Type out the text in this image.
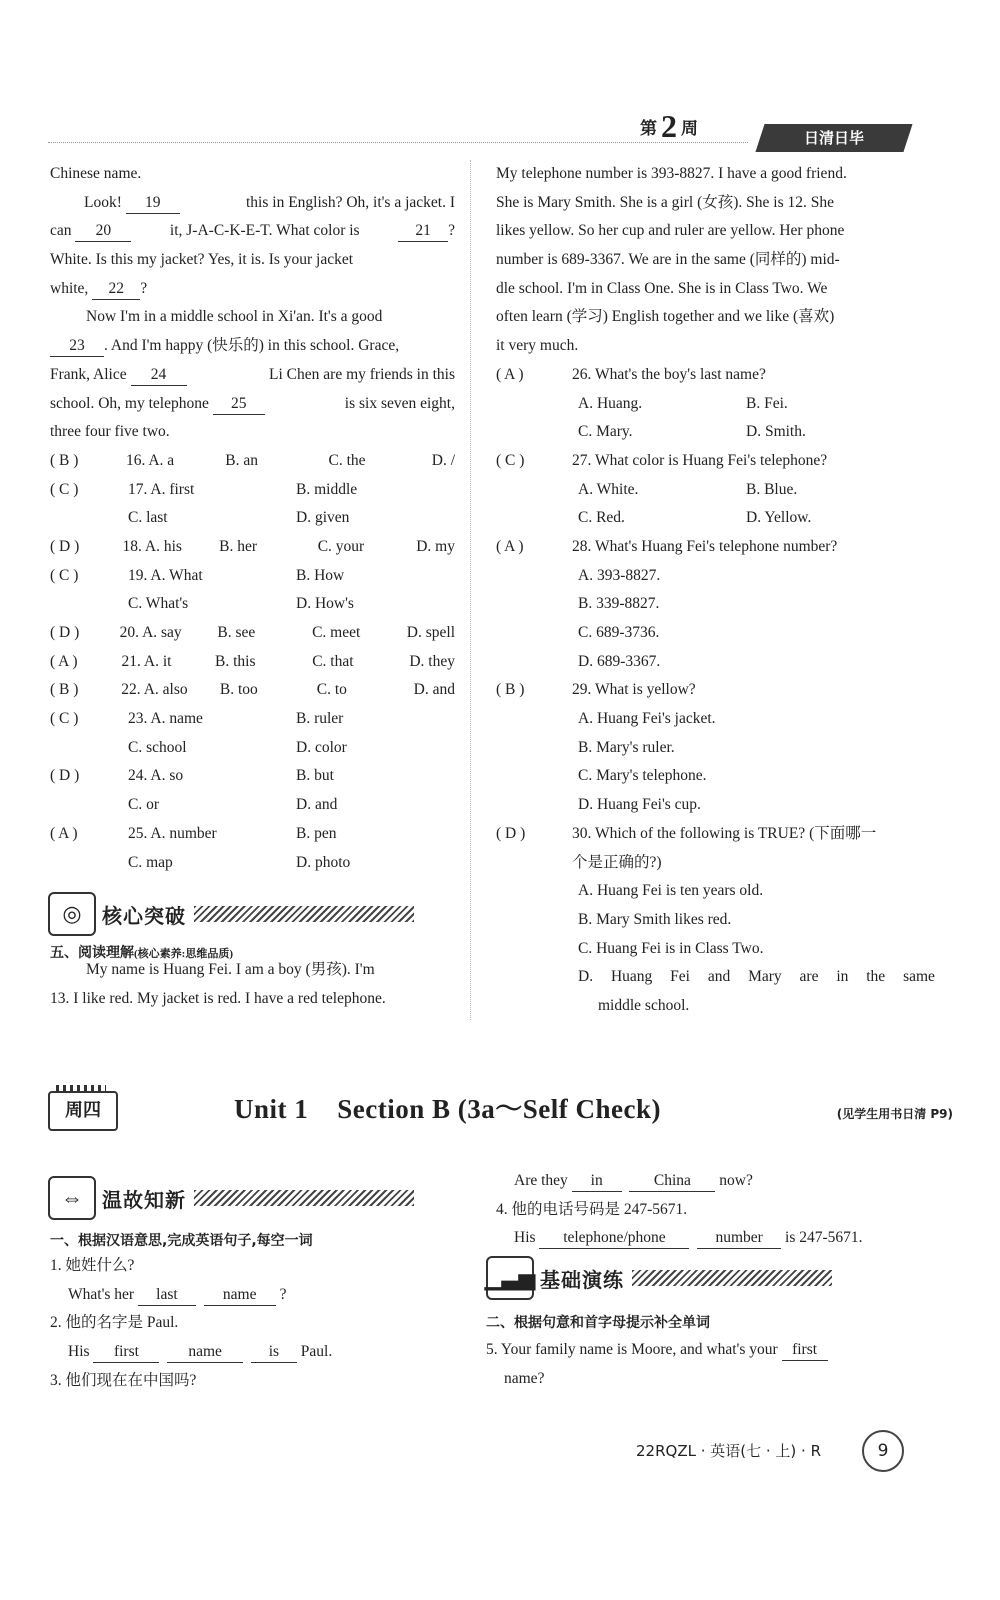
第 2 周	日清日毕
Chinese name.
Look! 19	this in English? Oh, it's a jacket. I
can 20	it, J-A-C-K-E-T. What color is	21 ?
White. Is this my jacket? Yes, it is. Is your jacket
white, 22 ?
Now I'm in a middle school in Xi'an. It's a good
23 . And I'm happy (快乐的) in this school. Grace,
Frank, Alice 24	Li Chen are my friends in this
school. Oh, my telephone 25	is six seven eight,
three four five two.
( B )	16. A. a	B. an	C. the	D. /
( C )	17. A. first	B. middle
C. last	D. given
( D )	18. A. his B. her	C. your	D. my
( C )	19. A. What	B. How
C. What's	D. How's
( D )	20. A. say B. see	C. meet	D. spell
( A )	21. A. it	B. this	C. that	D. they
( B )	22. A. also B. too	C. to	D. and
( C )	23. A. name	B. ruler
C. school	D. color
( D )	24. A. so	B. but
C. or	D. and
( A )	25. A. number	B. pen
C. map	D. photo
◎	核心突破
五、阅读理解(核心素养:思维品质)
My name is Huang Fei. I am a boy (男孩). I'm
13. I like red. My jacket is red. I have a red telephone.
My telephone number is 393-8827. I have a good friend.
She is Mary Smith. She is a girl (女孩). She is 12. She
likes yellow. So her cup and ruler are yellow. Her phone
number is 689-3367. We are in the same (同样的) mid-
dle school. I'm in Class One. She is in Class Two. We
often learn (学习) English together and we like (喜欢)
it very much.
( A )	26. What's the boy's last name?
A. Huang.	B. Fei.
C. Mary.	D. Smith.
( C )	27. What color is Huang Fei's telephone?
A. White.	B. Blue.
C. Red.	D. Yellow.
( A )	28. What's Huang Fei's telephone number?
A. 393-8827.
B. 339-8827.
C. 689-3736.
D. 689-3367.
( B )	29. What is yellow?
A. Huang Fei's jacket.
B. Mary's ruler.
C. Mary's telephone.
D. Huang Fei's cup.
( D )	30. Which of the following is TRUE? (下面哪一
个是正确的?)
A. Huang Fei is ten years old.
B. Mary Smith likes red.
C. Huang Fei is in Class Two.
D. Huang Fei and Mary are in the same
middle school.
周四	Unit 1    Section B (3a～Self Check)	(见学生用书日清 P9)
⇔ 温故知新
一、根据汉语意思,完成英语句子,每空一词
1. 她姓什么?
What's her last	name ?
2. 他的名字是 Paul.
His first	name	is Paul.
3. 他们现在在中国吗?
Are they in	China now?
4. 他的电话号码是 247-5671.
His telephone/phone	number is 247-5671.
▁▃▅ 基础演练
二、根据句意和首字母提示补全单词
5. Your family name is Moore, and what's your first
name?
22RQZL · 英语(七 · 上) · R	9
